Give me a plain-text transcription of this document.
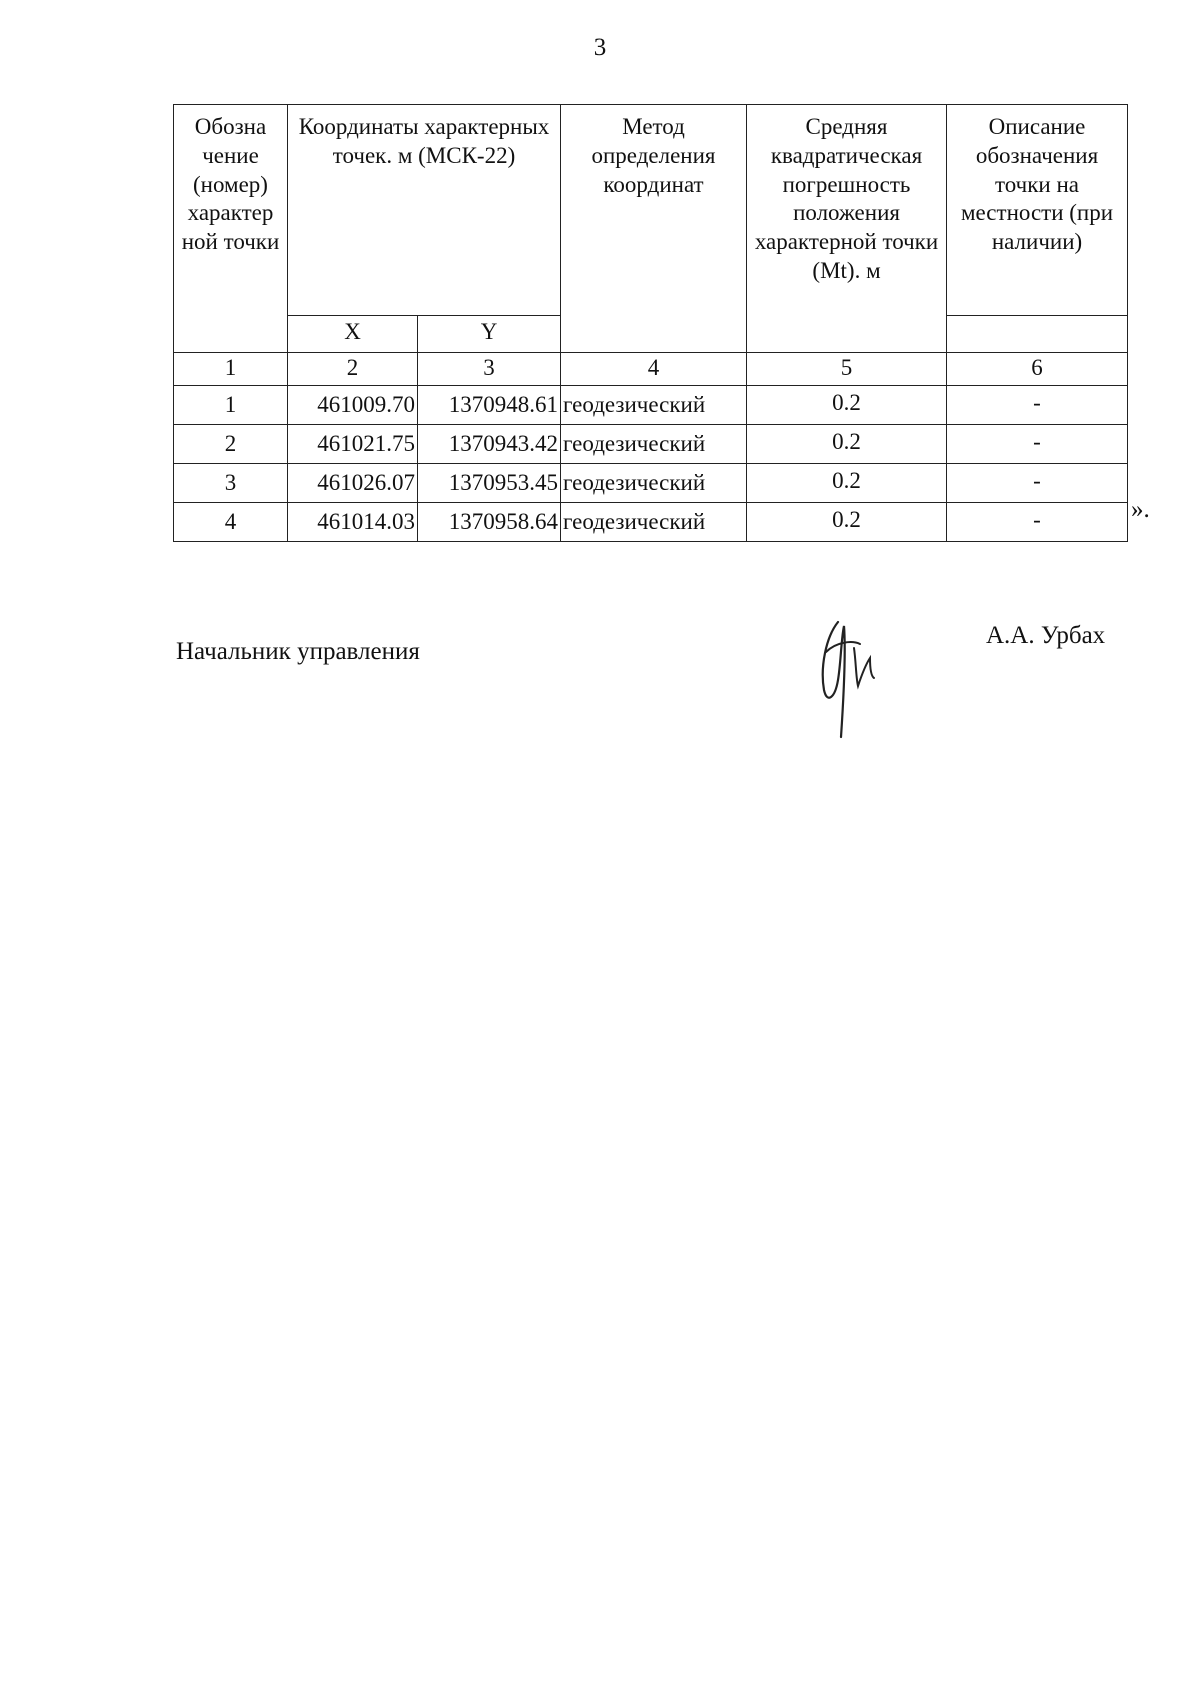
3
Обозна чение (номер) характер ной точки	Координаты характерных точек. м (МСК-22)		Метод определения координат	Средняя квадратическая погрешность положения характерной точки (Mt). м	Описание обозначения точки на местности (при наличии)
	X	Y			
1	2	3	4	5	6
1	461009.70	1370948.61	геодезический	0.2	-
2	461021.75	1370943.42	геодезический	0.2	-
3	461026.07	1370953.45	геодезический	0.2	-
4	461014.03	1370958.64	геодезический	0.2	-	».
Начальник управления
А.А. Урбах
